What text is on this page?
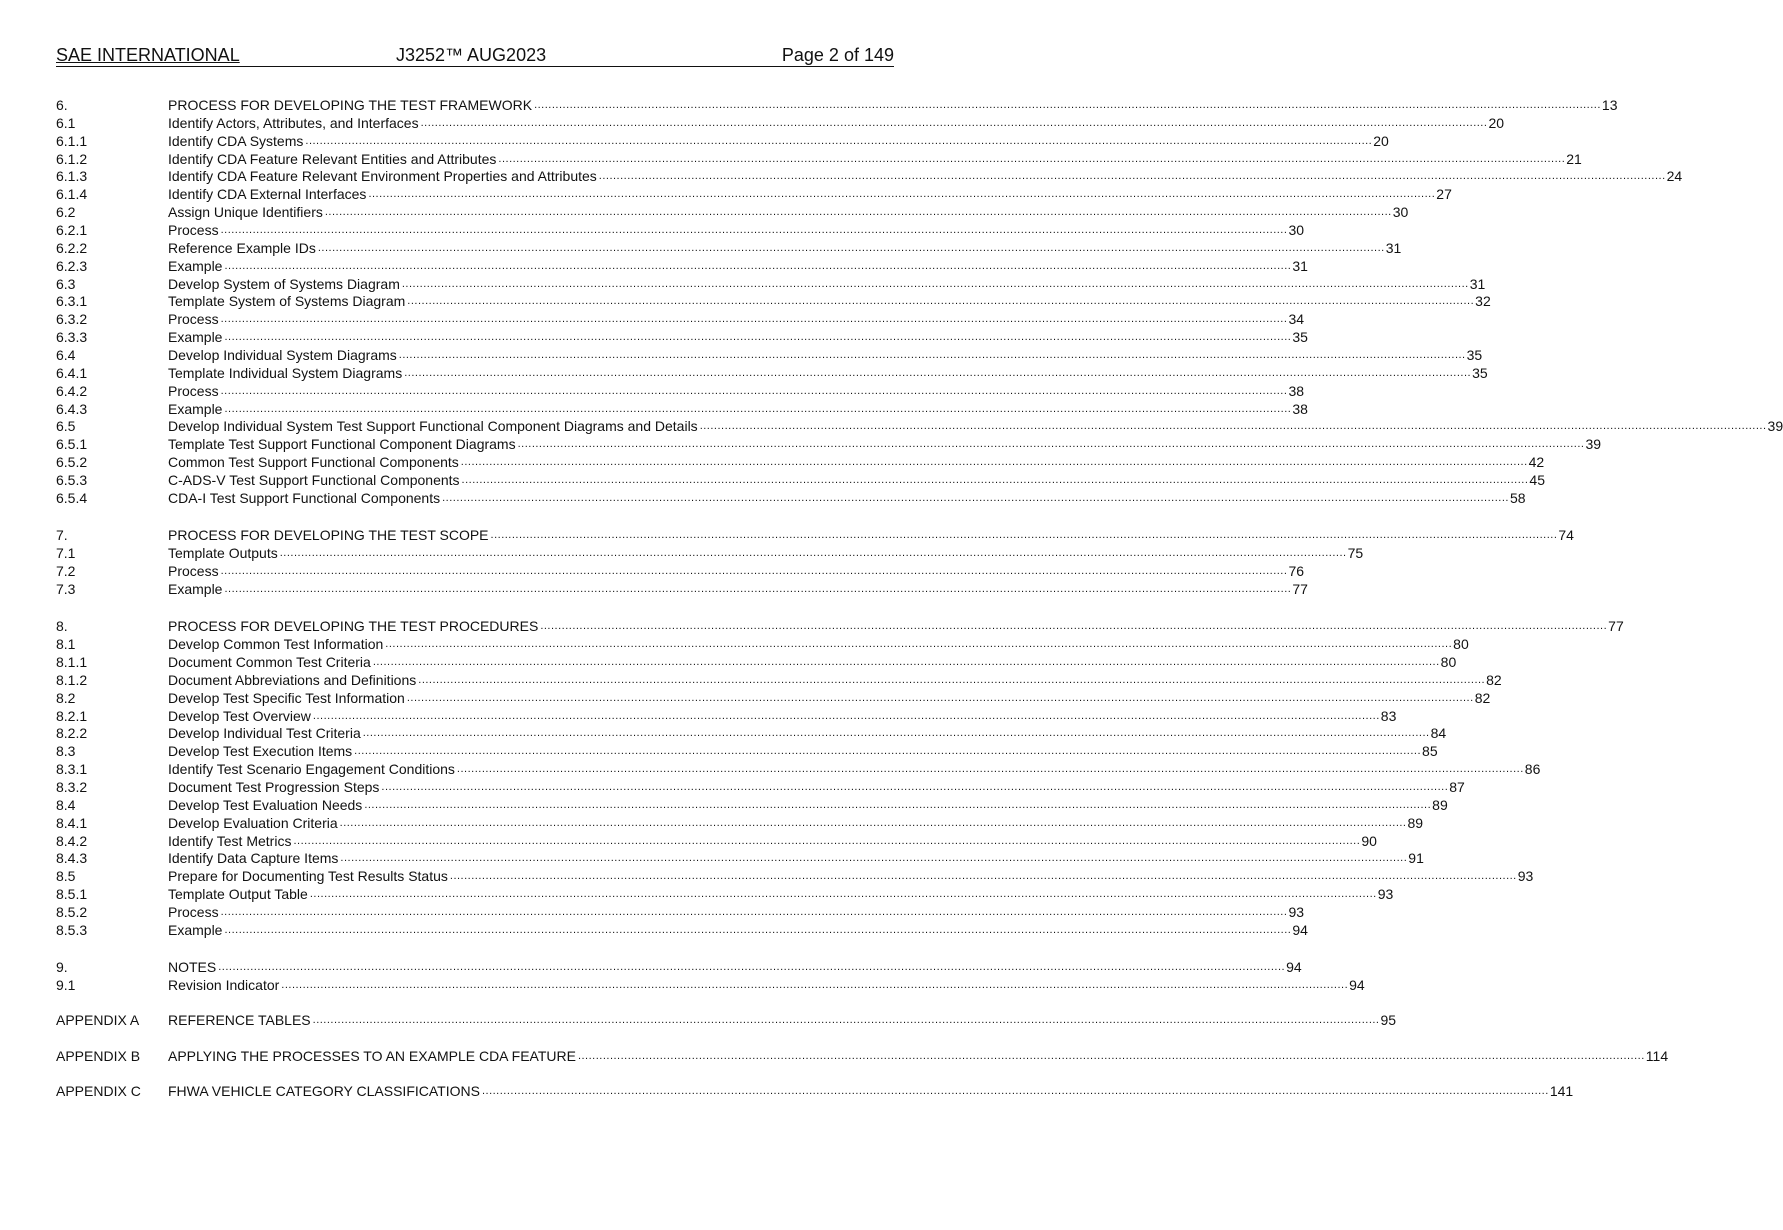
SAE INTERNATIONAL	J3252™ AUG2023	Page 2 of 149
6.	PROCESS FOR DEVELOPING THE TEST FRAMEWORK ............................................................................................................................................................................................................................................................................................................ 13
6.1	Identify Actors, Attributes, and Interfaces ............................................................................................................................................................................................................................................................................................................ 20
6.1.1	Identify CDA Systems ............................................................................................................................................................................................................................................................................................................ 20
6.1.2	Identify CDA Feature Relevant Entities and Attributes ............................................................................................................................................................................................................................................................................................................ 21
6.1.3	Identify CDA Feature Relevant Environment Properties and Attributes ............................................................................................................................................................................................................................................................................................................ 24
6.1.4	Identify CDA External Interfaces ............................................................................................................................................................................................................................................................................................................ 27
6.2	Assign Unique Identifiers ............................................................................................................................................................................................................................................................................................................ 30
6.2.1	Process ............................................................................................................................................................................................................................................................................................................ 30
6.2.2	Reference Example IDs ............................................................................................................................................................................................................................................................................................................ 31
6.2.3	Example ............................................................................................................................................................................................................................................................................................................ 31
6.3	Develop System of Systems Diagram ............................................................................................................................................................................................................................................................................................................ 31
6.3.1	Template System of Systems Diagram ............................................................................................................................................................................................................................................................................................................ 32
6.3.2	Process ............................................................................................................................................................................................................................................................................................................ 34
6.3.3	Example ............................................................................................................................................................................................................................................................................................................ 35
6.4	Develop Individual System Diagrams ............................................................................................................................................................................................................................................................................................................ 35
6.4.1	Template Individual System Diagrams ............................................................................................................................................................................................................................................................................................................ 35
6.4.2	Process ............................................................................................................................................................................................................................................................................................................ 38
6.4.3	Example ............................................................................................................................................................................................................................................................................................................ 38
6.5	Develop Individual System Test Support Functional Component Diagrams and Details ............................................................................................................................................................................................................................................................................................................ 39
6.5.1	Template Test Support Functional Component Diagrams ............................................................................................................................................................................................................................................................................................................ 39
6.5.2	Common Test Support Functional Components ............................................................................................................................................................................................................................................................................................................ 42
6.5.3	C-ADS-V Test Support Functional Components ............................................................................................................................................................................................................................................................................................................ 45
6.5.4	CDA-I Test Support Functional Components ............................................................................................................................................................................................................................................................................................................ 58
7.	PROCESS FOR DEVELOPING THE TEST SCOPE ............................................................................................................................................................................................................................................................................................................ 74
7.1	Template Outputs ............................................................................................................................................................................................................................................................................................................ 75
7.2	Process ............................................................................................................................................................................................................................................................................................................ 76
7.3	Example ............................................................................................................................................................................................................................................................................................................ 77
8.	PROCESS FOR DEVELOPING THE TEST PROCEDURES ............................................................................................................................................................................................................................................................................................................ 77
8.1	Develop Common Test Information ............................................................................................................................................................................................................................................................................................................ 80
8.1.1	Document Common Test Criteria ............................................................................................................................................................................................................................................................................................................ 80
8.1.2	Document Abbreviations and Definitions ............................................................................................................................................................................................................................................................................................................ 82
8.2	Develop Test Specific Test Information ............................................................................................................................................................................................................................................................................................................ 82
8.2.1	Develop Test Overview ............................................................................................................................................................................................................................................................................................................ 83
8.2.2	Develop Individual Test Criteria ............................................................................................................................................................................................................................................................................................................ 84
8.3	Develop Test Execution Items ............................................................................................................................................................................................................................................................................................................ 85
8.3.1	Identify Test Scenario Engagement Conditions ............................................................................................................................................................................................................................................................................................................ 86
8.3.2	Document Test Progression Steps ............................................................................................................................................................................................................................................................................................................ 87
8.4	Develop Test Evaluation Needs ............................................................................................................................................................................................................................................................................................................ 89
8.4.1	Develop Evaluation Criteria ............................................................................................................................................................................................................................................................................................................ 89
8.4.2	Identify Test Metrics ............................................................................................................................................................................................................................................................................................................ 90
8.4.3	Identify Data Capture Items ............................................................................................................................................................................................................................................................................................................ 91
8.5	Prepare for Documenting Test Results Status ............................................................................................................................................................................................................................................................................................................ 93
8.5.1	Template Output Table ............................................................................................................................................................................................................................................................................................................ 93
8.5.2	Process ............................................................................................................................................................................................................................................................................................................ 93
8.5.3	Example ............................................................................................................................................................................................................................................................................................................ 94
9.	NOTES ............................................................................................................................................................................................................................................................................................................ 94
9.1	Revision Indicator ............................................................................................................................................................................................................................................................................................................ 94
APPENDIX A	REFERENCE TABLES ............................................................................................................................................................................................................................................................................................................ 95
APPENDIX B	APPLYING THE PROCESSES TO AN EXAMPLE CDA FEATURE ............................................................................................................................................................................................................................................................................................................ 114
APPENDIX C	FHWA VEHICLE CATEGORY CLASSIFICATIONS ............................................................................................................................................................................................................................................................................................................ 141
